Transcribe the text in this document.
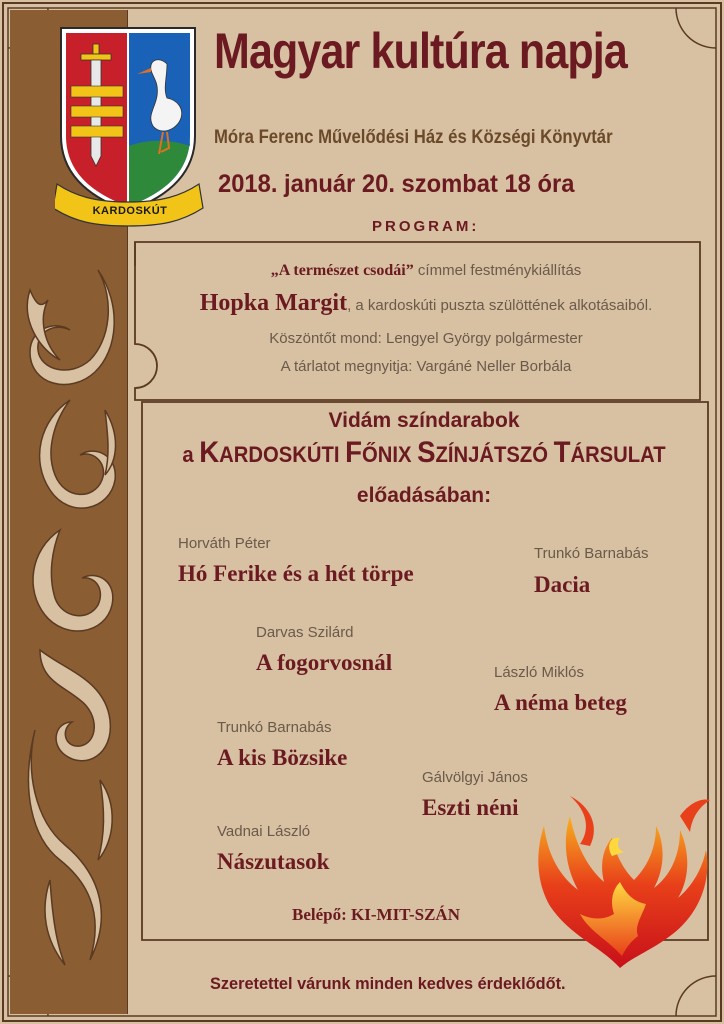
KARDOSKÚT
Magyar kultúra napja
Móra Ferenc Művelődési Ház és Községi Könyvtár
2018. január 20. szombat 18 óra
PROGRAM:
„A természet csodái” címmel festménykiállítás
Hopka Margit, a kardoskúti puszta szülöttének alkotásaiból.
Köszöntőt mond: Lengyel György polgármester
A tárlatot megnyitja: Vargáné Neller Borbála
Vidám színdarabok
a KARDOSKÚTI FŐNIX SZÍNJÁTSZÓ TÁRSULAT
előadásában:
Horváth Péter
Hó Ferike és a hét törpe
Trunkó Barnabás
Dacia
Darvas Szilárd
A fogorvosnál	László Miklós
A néma beteg
Trunkó Barnabás
A kis Bözsike
Gálvölgyi János
Eszti néni
Vadnai László
Nászutasok
Belépő: KI-MIT-SZÁN
Szeretettel várunk minden kedves érdeklődőt.
